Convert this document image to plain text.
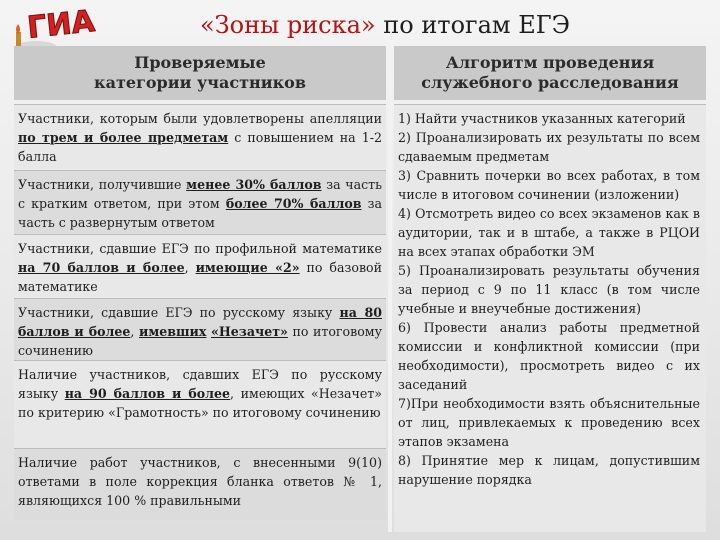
ГИА	«Зоны риска» по итогам ЕГЭ
Проверяемые
категории участников
Участники, которым были удовлетворены апелляции по трем и более предметам с повышением на 1-2 балла
Участники, получившие менее 30% баллов за часть с кратким ответом, при этом более 70% баллов за часть с развернутым ответом
Участники, сдавшие ЕГЭ по профильной математике на 70 баллов и более, имеющие «2» по базовой математике
Участники, сдавшие ЕГЭ по русскому языку на 80 баллов и более, имевших «Незачет» по итоговому сочинению
Наличие участников, сдавших ЕГЭ по русскому языку на 90 баллов и более, имеющих «Незачет» по критерию «Грамотность» по итоговому сочинению
Наличие работ участников, с внесенными 9(10) ответами в поле коррекция бланка ответов № 1, являющихся 100 % правильными
Алгоритм проведения
служебного расследования
1) Найти участников указанных категорий
2) Проанализировать их результаты по всем сдаваемым предметам
3) Сравнить почерки во всех работах, в том числе в итоговом сочинении (изложении)
4) Отсмотреть видео со всех экзаменов как в аудитории, так и в штабе, а также в РЦОИ на всех этапах обработки ЭМ
5) Проанализировать результаты обучения за период с 9 по 11 класс (в том числе учебные и внеучебные достижения)
6) Провести анализ работы предметной комиссии и конфликтной комиссии (при необходимости), просмотреть видео с их заседаний
7)При необходимости взять объяснительные от лиц, привлекаемых к проведению всех этапов экзамена
8) Принятие мер к лицам, допустившим нарушение порядка
